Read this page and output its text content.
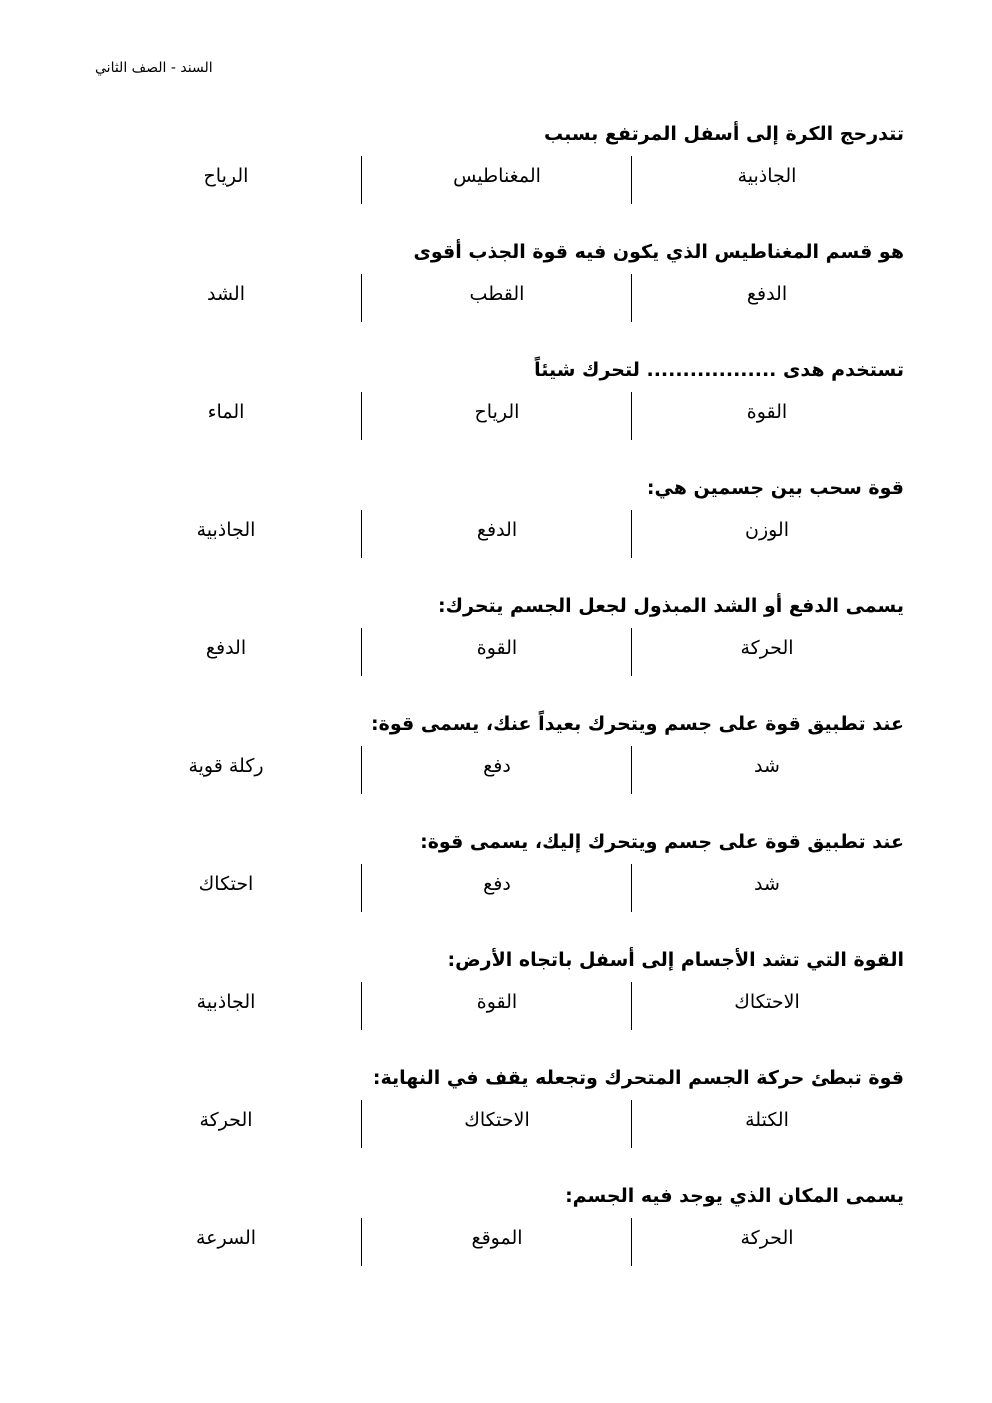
السند - الصف الثاني
تتدرحج الكرة إلى أسفل المرتفع بسبب
الجاذبية
المغناطيس
الرياح
هو قسم المغناطيس الذي يكون فيه قوة الجذب أقوى
الدفع
القطب
الشد
تستخدم هدى .................. لتحرك شيئاً
القوة
الرياح
الماء
قوة سحب بين جسمين هي:
الوزن
الدفع
الجاذبية
يسمى الدفع أو الشد المبذول لجعل الجسم يتحرك:
الحركة
القوة
الدفع
عند تطبيق قوة على جسم ويتحرك بعيداً عنك، يسمى قوة:
شد
دفع
ركلة قوية
عند تطبيق قوة على جسم ويتحرك إليك، يسمى قوة:
شد
دفع
احتكاك
القوة التي تشد الأجسام إلى أسفل باتجاه الأرض:
الاحتكاك
القوة
الجاذبية
قوة تبطئ حركة الجسم المتحرك وتجعله يقف في النهاية:
الكتلة
الاحتكاك
الحركة
يسمى المكان الذي يوجد فيه الجسم:
الحركة
الموقع
السرعة
